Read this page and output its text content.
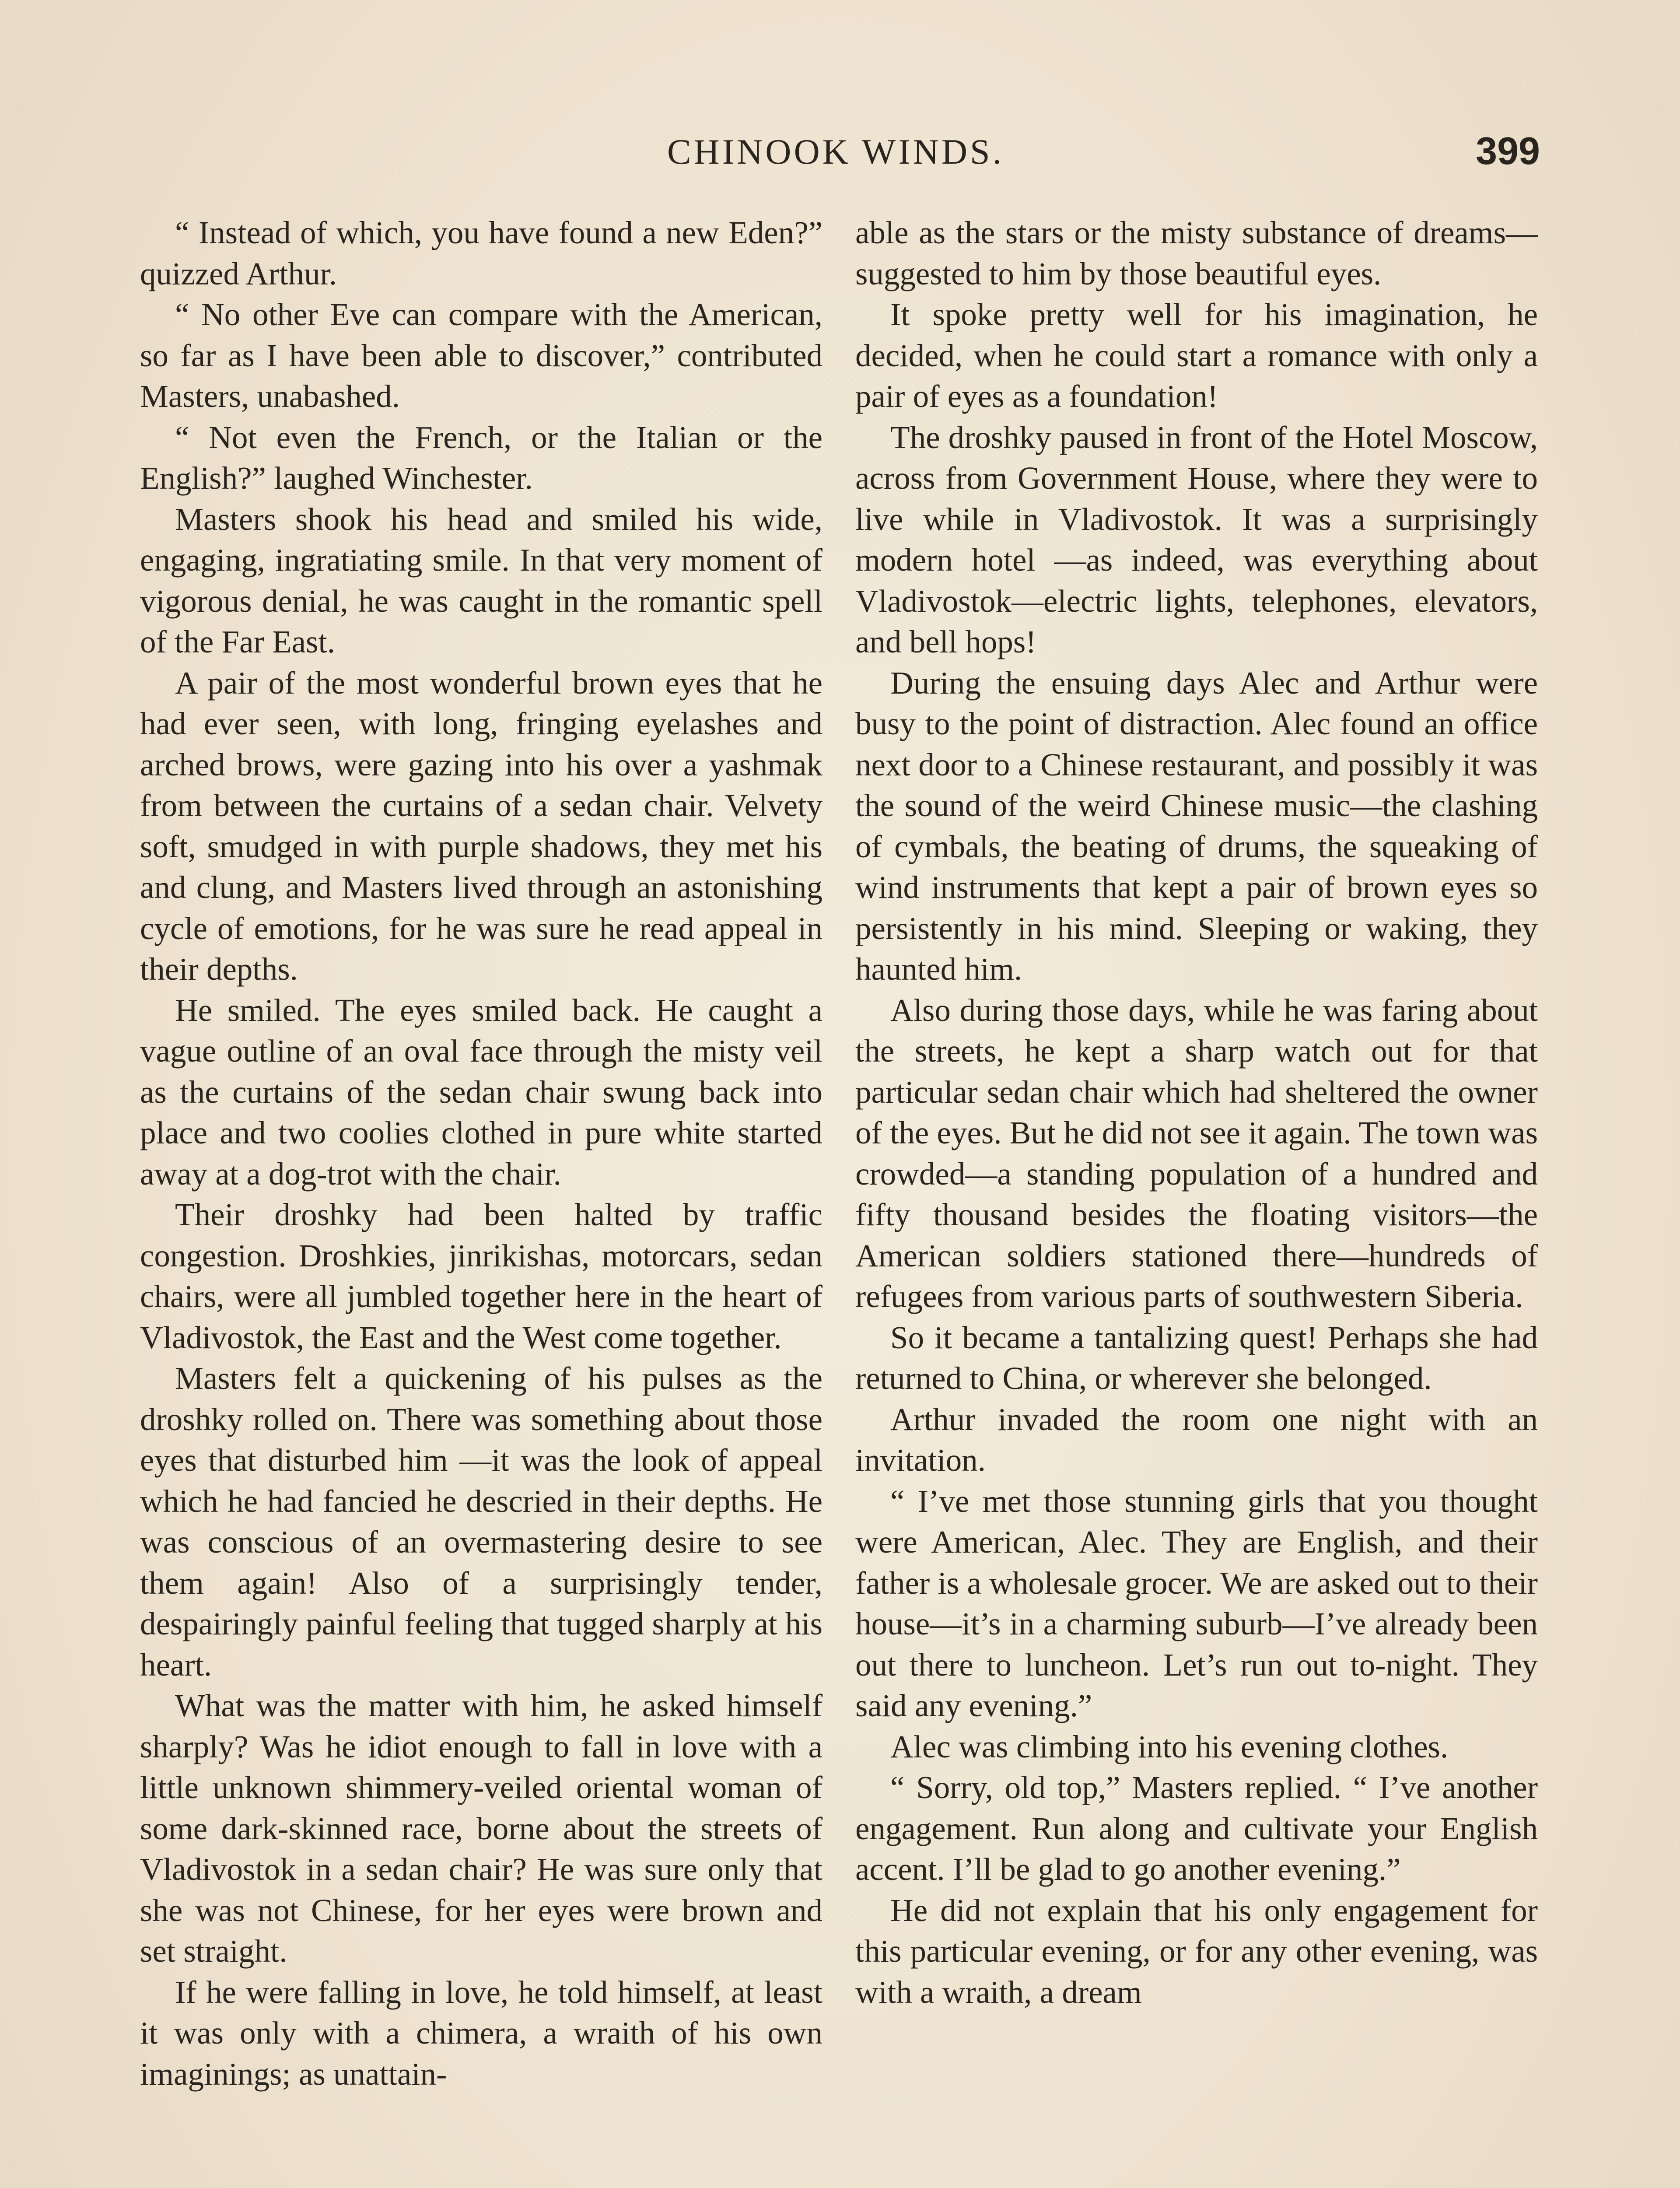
CHINOOK WINDS.	399

“ Instead of which, you have found a new Eden?” quizzed Arthur.

“ No other Eve can compare with the American, so far as I have been able to discover,” contributed Masters, unabashed.

“ Not even the French, or the Italian or the English?” laughed Winchester.

Masters shook his head and smiled his wide, engaging, ingratiating smile. In that very moment of vigorous denial, he was caught in the romantic spell of the Far East.

A pair of the most wonderful brown eyes that he had ever seen, with long, fringing eyelashes and arched brows, were gazing into his over a yashmak from between the curtains of a sedan chair. Velvety soft, smudged in with purple shadows, they met his and clung, and Masters lived through an astonishing cycle of emotions, for he was sure he read appeal in their depths.

He smiled. The eyes smiled back. He caught a vague outline of an oval face through the misty veil as the curtains of the sedan chair swung back into place and two coolies clothed in pure white started away at a dog-trot with the chair.

Their droshky had been halted by traffic congestion. Droshkies, jinrikishas, motorcars, sedan chairs, were all jumbled together here in the heart of Vladivostok, the East and the West come together.

Masters felt a quickening of his pulses as the droshky rolled on. There was something about those eyes that disturbed him —it was the look of appeal which he had fancied he descried in their depths. He was conscious of an overmastering desire to see them again! Also of a surprisingly tender, despairingly painful feeling that tugged sharply at his heart.

What was the matter with him, he asked himself sharply? Was he idiot enough to fall in love with a little unknown shimmery-veiled oriental woman of some dark-skinned race, borne about the streets of Vladivostok in a sedan chair? He was sure only that she was not Chinese, for her eyes were brown and set straight.

If he were falling in love, he told himself, at least it was only with a chimera, a wraith of his own imaginings; as unattain-

able as the stars or the misty substance of dreams—suggested to him by those beautiful eyes.

It spoke pretty well for his imagination, he decided, when he could start a romance with only a pair of eyes as a foundation!

The droshky paused in front of the Hotel Moscow, across from Government House, where they were to live while in Vladivostok. It was a surprisingly modern hotel —as indeed, was everything about Vladivostok—electric lights, telephones, elevators, and bell hops!

During the ensuing days Alec and Arthur were busy to the point of distraction. Alec found an office next door to a Chinese restaurant, and possibly it was the sound of the weird Chinese music—the clashing of cymbals, the beating of drums, the squeaking of wind instruments that kept a pair of brown eyes so persistently in his mind. Sleeping or waking, they haunted him.

Also during those days, while he was faring about the streets, he kept a sharp watch out for that particular sedan chair which had sheltered the owner of the eyes. But he did not see it again. The town was crowded—a standing population of a hundred and fifty thousand besides the floating visitors—the American soldiers stationed there—hundreds of refugees from various parts of southwestern Siberia.

So it became a tantalizing quest! Perhaps she had returned to China, or wherever she belonged.

Arthur invaded the room one night with an invitation.

“ I’ve met those stunning girls that you thought were American, Alec. They are English, and their father is a wholesale grocer. We are asked out to their house—it’s in a charming suburb—I’ve already been out there to luncheon. Let’s run out to-night. They said any evening.”

Alec was climbing into his evening clothes.

“ Sorry, old top,” Masters replied. “ I’ve another engagement. Run along and cultivate your English accent. I’ll be glad to go another evening.”

He did not explain that his only engagement for this particular evening, or for any other evening, was with a wraith, a dream
